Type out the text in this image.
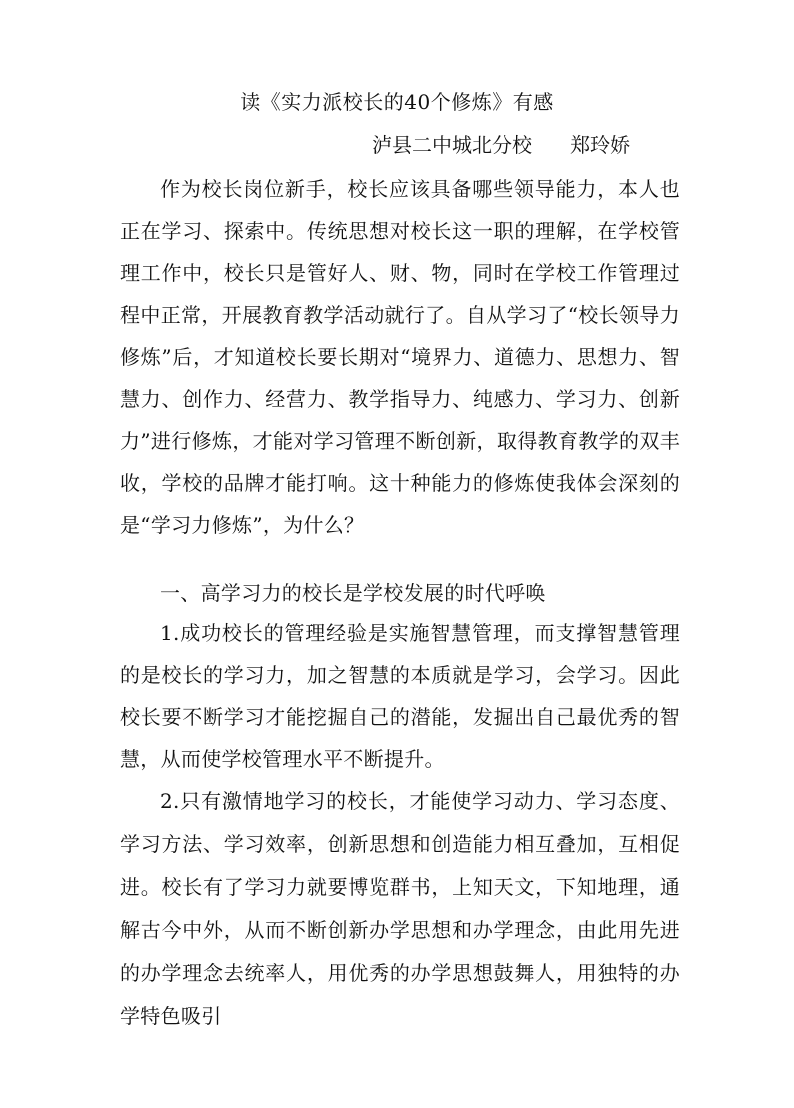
读《实力派校长的40个修炼》有感
泸县二中城北分校      郑玲娇

作为校长岗位新手，校长应该具备哪些领导能力，本人也正在学习、探索中。传统思想对校长这一职的理解，在学校管理工作中，校长只是管好人、财、物，同时在学校工作管理过程中正常，开展教育教学活动就行了。自从学习了“校长领导力修炼”后，才知道校长要长期对“境界力、道德力、思想力、智慧力、创作力、经营力、教学指导力、纯感力、学习力、创新力”进行修炼，才能对学习管理不断创新，取得教育教学的双丰收，学校的品牌才能打响。这十种能力的修炼使我体会深刻的是“学习力修炼”，为什么？

一、高学习力的校长是学校发展的时代呼唤

1.成功校长的管理经验是实施智慧管理，而支撑智慧管理的是校长的学习力，加之智慧的本质就是学习，会学习。因此校长要不断学习才能挖掘自己的潜能，发掘出自己最优秀的智慧，从而使学校管理水平不断提升。

2.只有激情地学习的校长，才能使学习动力、学习态度、学习方法、学习效率，创新思想和创造能力相互叠加，互相促进。校长有了学习力就要博览群书，上知天文，下知地理，通解古今中外，从而不断创新办学思想和办学理念，由此用先进的办学理念去统率人，用优秀的办学思想鼓舞人，用独特的办学特色吸引
